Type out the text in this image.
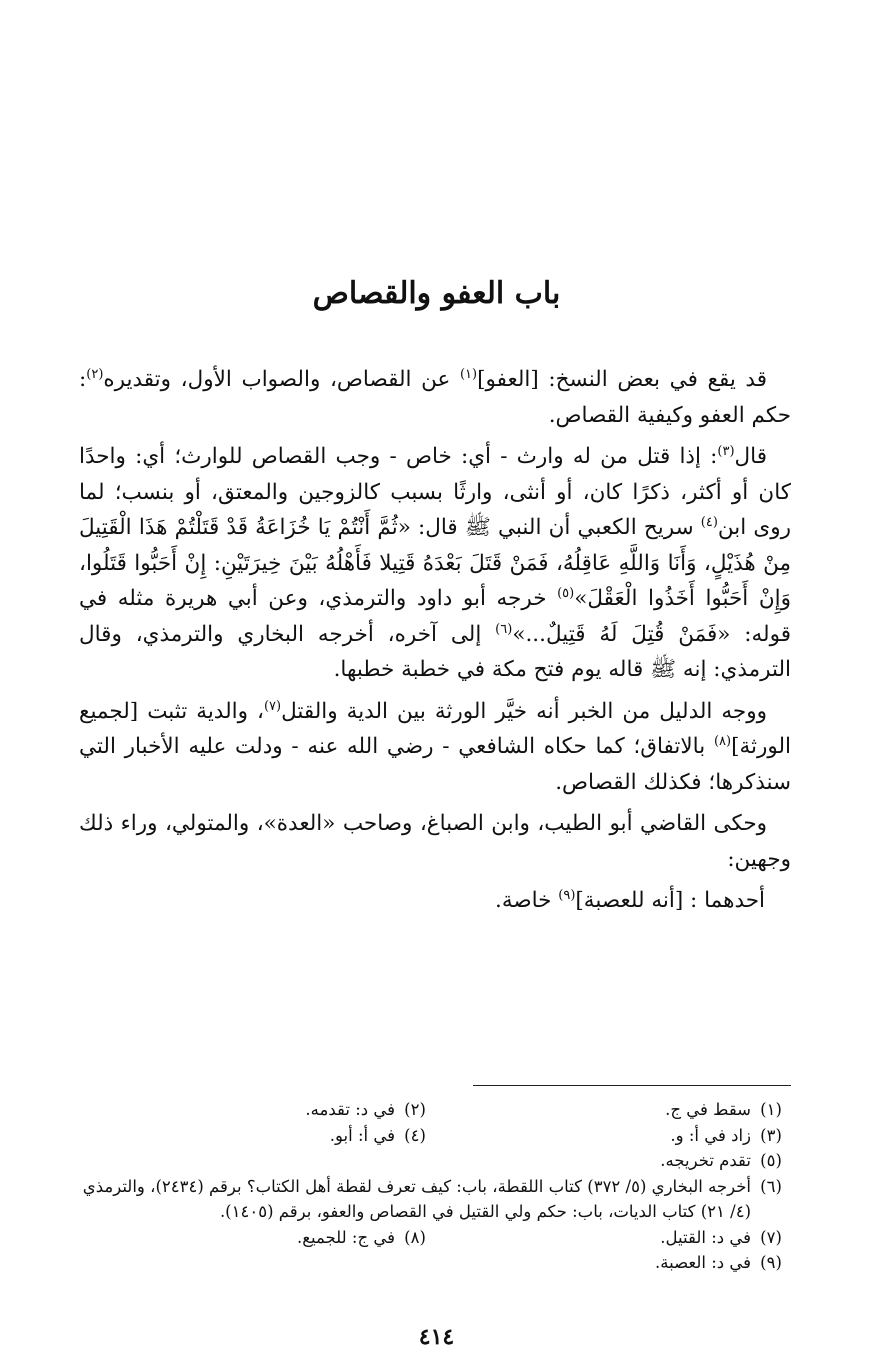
باب العفو والقصاص

قد يقع في بعض النسخ: [العفو]$^{(١)}$ عن القصاص، والصواب الأول، وتقديره$^{(٢)}$: حكم العفو وكيفية القصاص.

قال$^{(٣)}$: إذا قتل من له وارث - أي: خاص - وجب القصاص للوارث؛ أي: واحدًا كان أو أكثر، ذكرًا كان، أو أنثى، وارثًا بسبب كالزوجين والمعتق، أو بنسب؛ لما روى ابن$^{(٤)}$ سريح الكعبي أن النبي ﷺ قال: «ثُمَّ أَنْتُمْ يَا خُزَاعَةُ قَدْ قَتَلْتُمْ هَذَا الْقَتِيلَ مِنْ هُذَيْلٍ، وَأَنَا وَاللَّهِ عَاقِلُهُ، فَمَنْ قَتَلَ بَعْدَهُ قَتِيلا فَأَهْلُهُ بَيْنَ خِيرَتَيْنِ: إِنْ أَحَبُّوا قَتَلُوا، وَإِنْ أَحَبُّوا أَخَذُوا الْعَقْلَ»$^{(٥)}$ خرجه أبو داود والترمذي، وعن أبي هريرة مثله في قوله: «فَمَنْ قُتِلَ لَهُ قَتِيلٌ...»$^{(٦)}$ إلى آخره، أخرجه البخاري والترمذي، وقال الترمذي: إنه ﷺ قاله يوم فتح مكة في خطبة خطبها.

ووجه الدليل من الخبر أنه خيَّر الورثة بين الدية والقتل$^{(٧)}$، والدية تثبت [لجميع الورثة]$^{(٨)}$ بالاتفاق؛ كما حكاه الشافعي - رضي الله عنه - ودلت عليه الأخبار التي سنذكرها؛ فكذلك القصاص.

وحكى القاضي أبو الطيب، وابن الصباغ، وصاحب «العدة»، والمتولي، وراء ذلك وجهين:

أحدهما : [أنه للعصبة]$^{(٩)}$ خاصة.

(١)
سقط في ج.
(٢)
في د: تقدمه.
(٣)
زاد في أ: و.
(٤)
في أ: أبو.
(٥)
تقدم تخريجه.
(٦)
أخرجه البخاري (٥/ ٣٧٢) كتاب اللقطة، باب: كيف تعرف لقطة أهل الكتاب؟ برقم (٢٤٣٤)، والترمذي (٤/ ٢١) كتاب الديات، باب: حكم ولي القتيل في القصاص والعفو، برقم (١٤٠٥).
(٧)
في د: القتيل.
(٨)
في ج: للجميع.
(٩)
في د: العصبة.
٤١٤
